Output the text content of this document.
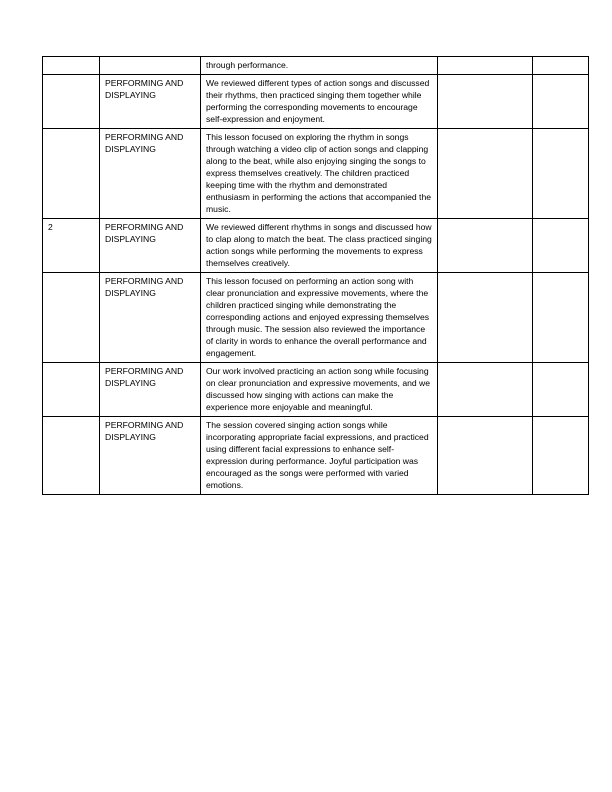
		through performance.		
	PERFORMING AND DISPLAYING	We reviewed different types of action songs and discussed their rhythms, then practiced singing them together while performing the corresponding movements to encourage self-expression and enjoyment.		
	PERFORMING AND DISPLAYING	This lesson focused on exploring the rhythm in songs through watching a video clip of action songs and clapping along to the beat, while also enjoying singing the songs to express themselves creatively. The children practiced keeping time with the rhythm and demonstrated enthusiasm in performing the actions that accompanied the music.		
2	PERFORMING AND DISPLAYING	We reviewed different rhythms in songs and discussed how to clap along to match the beat. The class practiced singing action songs while performing the movements to express themselves creatively.		
	PERFORMING AND DISPLAYING	This lesson focused on performing an action song with clear pronunciation and expressive movements, where the children practiced singing while demonstrating the corresponding actions and enjoyed expressing themselves through music. The session also reviewed the importance of clarity in words to enhance the overall performance and engagement.		
	PERFORMING AND DISPLAYING	Our work involved practicing an action song while focusing on clear pronunciation and expressive movements, and we discussed how singing with actions can make the experience more enjoyable and meaningful.		
	PERFORMING AND DISPLAYING	The session covered singing action songs while incorporating appropriate facial expressions, and practiced using different facial expressions to enhance self-expression during performance. Joyful participation was encouraged as the songs were performed with varied emotions.		
